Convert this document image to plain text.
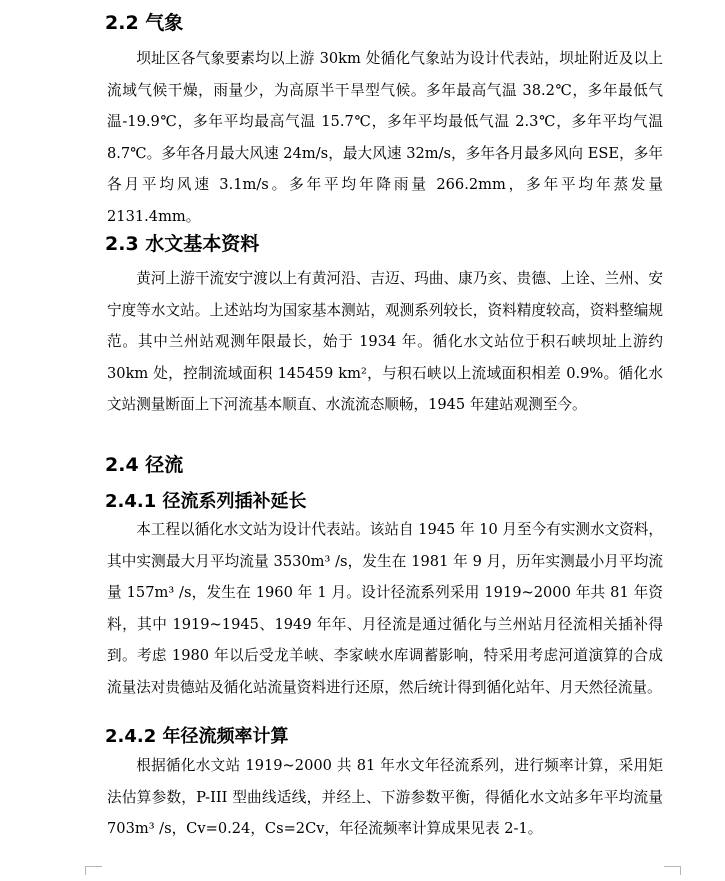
2.2 气象

坝址区各气象要素均以上游 30km 处循化气象站为设计代表站，坝址附近及以上流域气候干燥，雨量少，为高原半干旱型气候。多年最高气温 38.2℃，多年最低气温-19.9℃，多年平均最高气温 15.7℃，多年平均最低气温 2.3℃，多年平均气温 8.7℃。多年各月最大风速 24m/s，最大风速 32m/s，多年各月最多风向 ESE，多年各月平均风速 3.1m/s。多年平均年降雨量 266.2mm，多年平均年蒸发量 2131.4mm。

2.3 水文基本资料

黄河上游干流安宁渡以上有黄河沿、吉迈、玛曲、康乃亥、贵德、上诠、兰州、安宁度等水文站。上述站均为国家基本测站，观测系列较长，资料精度较高，资料整编规范。其中兰州站观测年限最长，始于 1934 年。循化水文站位于积石峡坝址上游约 30km 处，控制流域面积 145459 km²，与积石峡以上流域面积相差 0.9%。循化水文站测量断面上下河流基本顺直、水流流态顺畅，1945 年建站观测至今。

2.4 径流
2.4.1 径流系列插补延长

本工程以循化水文站为设计代表站。该站自 1945 年 10 月至今有实测水文资料，其中实测最大月平均流量 3530m³ /s，发生在 1981 年 9 月，历年实测最小月平均流量 157m³ /s，发生在 1960 年 1 月。设计径流系列采用 1919~2000 年共 81 年资料，其中 1919~1945、1949 年年、月径流是通过循化与兰州站月径流相关插补得到。考虑 1980 年以后受龙羊峡、李家峡水库调蓄影响，特采用考虑河道演算的合成流量法对贵德站及循化站流量资料进行还原，然后统计得到循化站年、月天然径流量。

2.4.2 年径流频率计算

根据循化水文站 1919~2000 共 81 年水文年径流系列，进行频率计算，采用矩法估算参数，P-III 型曲线适线，并经上、下游参数平衡，得循化水文站多年平均流量 703m³ /s，Cv=0.24，Cs=2Cv，年径流频率计算成果见表 2-1。
